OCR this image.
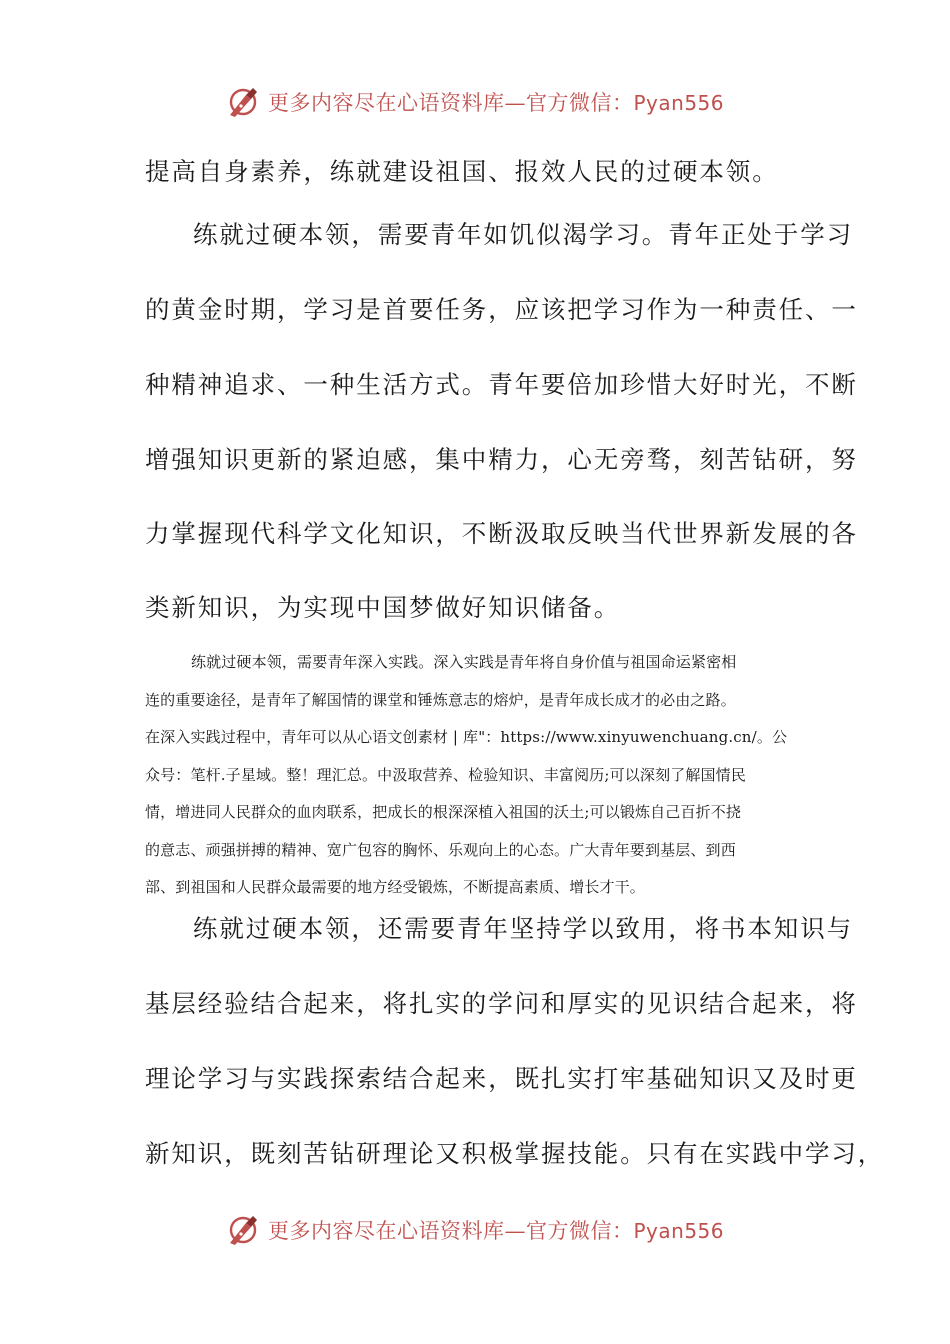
更多内容尽在心语资料库—官方微信：Pyan556
提高自身素养，练就建设祖国、报效人民的过硬本领。
练就过硬本领，需要青年如饥似渴学习。青年正处于学习
的黄金时期，学习是首要任务，应该把学习作为一种责任、一
种精神追求、一种生活方式。青年要倍加珍惜大好时光，不断
增强知识更新的紧迫感，集中精力，心无旁骛，刻苦钻研，努
力掌握现代科学文化知识，不断汲取反映当代世界新发展的各
类新知识，为实现中国梦做好知识储备。
练就过硬本领，需要青年深入实践。深入实践是青年将自身价值与祖国命运紧密相
连的重要途径，是青年了解国情的课堂和锤炼意志的熔炉，是青年成长成才的必由之路。
在深入实践过程中，青年可以从心语文创素材 | 库"：https://www.xinyuwenchuang.cn/。公
众号：笔杆.子星域。整！理汇总。中汲取营养、检验知识、丰富阅历;可以深刻了解国情民
情，增进同人民群众的血肉联系，把成长的根深深植入祖国的沃土;可以锻炼自己百折不挠
的意志、顽强拼搏的精神、宽广包容的胸怀、乐观向上的心态。广大青年要到基层、到西
部、到祖国和人民群众最需要的地方经受锻炼，不断提高素质、增长才干。
练就过硬本领，还需要青年坚持学以致用，将书本知识与
基层经验结合起来，将扎实的学问和厚实的见识结合起来，将
理论学习与实践探索结合起来，既扎实打牢基础知识又及时更
新知识，既刻苦钻研理论又积极掌握技能。只有在实践中学习，
更多内容尽在心语资料库—官方微信：Pyan556
